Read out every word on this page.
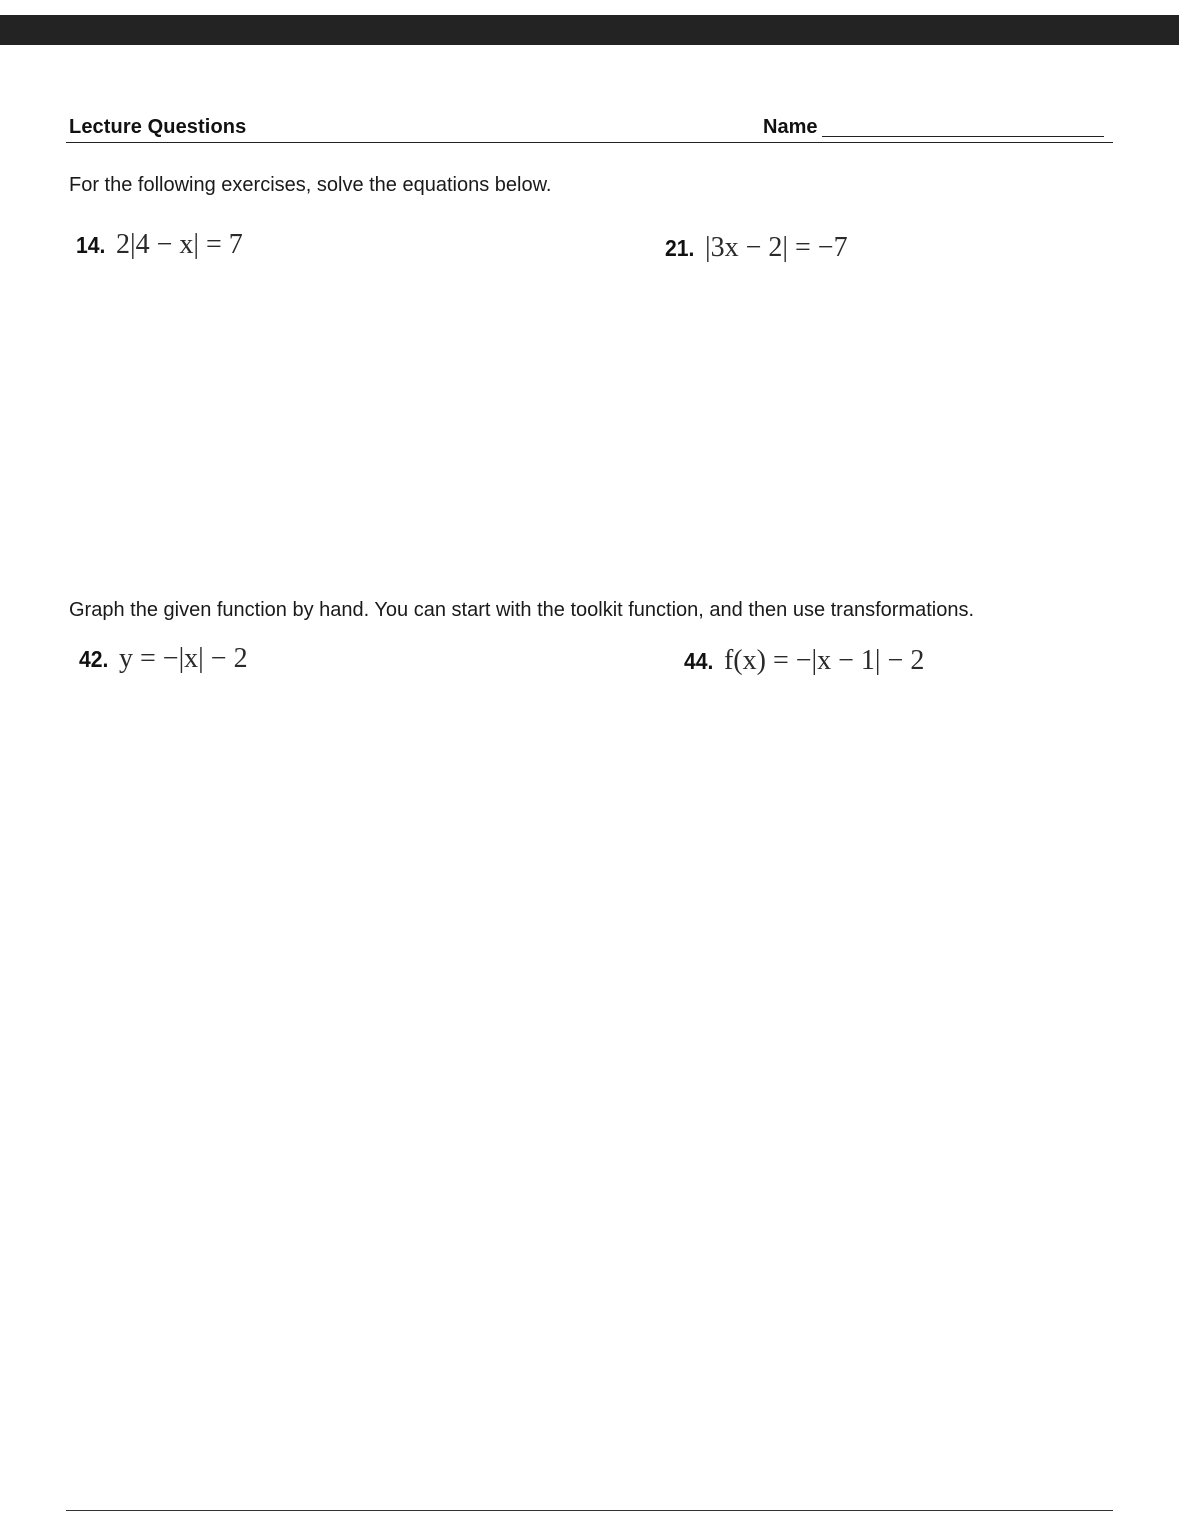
Lecture Questions	Name
For the following exercises, solve the equations below.
14. 2|4 − x| = 7	21. |3x − 2| = −7
Graph the given function by hand. You can start with the toolkit function, and then use transformations.
42. y = −|x| − 2	44. f(x) = −|x − 1| − 2
